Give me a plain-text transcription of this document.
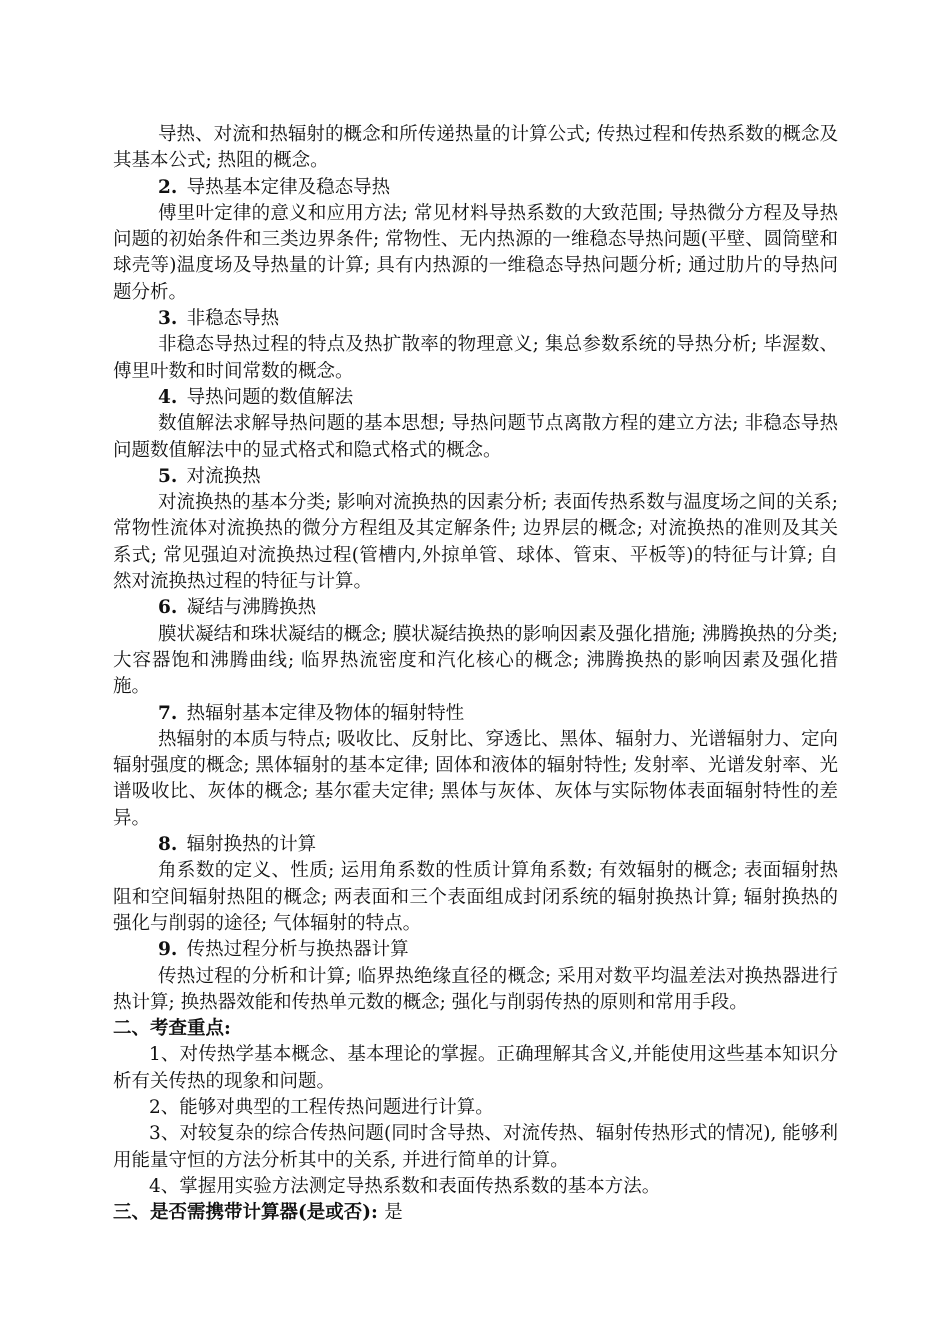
导热、对流和热辐射的概念和所传递热量的计算公式; 传热过程和传热系数的概念及其基本公式; 热阻的概念。

2.  导热基本定律及稳态导热

傅里叶定律的意义和应用方法; 常见材料导热系数的大致范围; 导热微分方程及导热问题的初始条件和三类边界条件; 常物性、无内热源的一维稳态导热问题(平壁、圆筒壁和球壳等)温度场及导热量的计算; 具有内热源的一维稳态导热问题分析; 通过肋片的导热问题分析。

3.  非稳态导热

非稳态导热过程的特点及热扩散率的物理意义; 集总参数系统的导热分析; 毕渥数、傅里叶数和时间常数的概念。

4.  导热问题的数值解法

数值解法求解导热问题的基本思想; 导热问题节点离散方程的建立方法; 非稳态导热问题数值解法中的显式格式和隐式格式的概念。

5.  对流换热

对流换热的基本分类; 影响对流换热的因素分析; 表面传热系数与温度场之间的关系; 常物性流体对流换热的微分方程组及其定解条件; 边界层的概念; 对流换热的准则及其关系式; 常见强迫对流换热过程(管槽内,外掠单管、球体、管束、平板等)的特征与计算; 自然对流换热过程的特征与计算。

6.  凝结与沸腾换热

膜状凝结和珠状凝结的概念; 膜状凝结换热的影响因素及强化措施; 沸腾换热的分类; 大容器饱和沸腾曲线; 临界热流密度和汽化核心的概念; 沸腾换热的影响因素及强化措施。

7.  热辐射基本定律及物体的辐射特性

热辐射的本质与特点; 吸收比、反射比、穿透比、黑体、辐射力、光谱辐射力、定向辐射强度的概念; 黑体辐射的基本定律; 固体和液体的辐射特性; 发射率、光谱发射率、光谱吸收比、灰体的概念; 基尔霍夫定律; 黑体与灰体、灰体与实际物体表面辐射特性的差异。

8.  辐射换热的计算

角系数的定义、性质; 运用角系数的性质计算角系数; 有效辐射的概念; 表面辐射热阻和空间辐射热阻的概念; 两表面和三个表面组成封闭系统的辐射换热计算; 辐射换热的强化与削弱的途径; 气体辐射的特点。

9.  传热过程分析与换热器计算

传热过程的分析和计算; 临界热绝缘直径的概念; 采用对数平均温差法对换热器进行热计算; 换热器效能和传热单元数的概念; 强化与削弱传热的原则和常用手段。

二、考查重点:

1、对传热学基本概念、基本理论的掌握。正确理解其含义,并能使用这些基本知识分析有关传热的现象和问题。

2、能够对典型的工程传热问题进行计算。

3、对较复杂的综合传热问题(同时含导热、对流传热、辐射传热形式的情况), 能够利用能量守恒的方法分析其中的关系, 并进行简单的计算。

4、掌握用实验方法测定导热系数和表面传热系数的基本方法。

三、是否需携带计算器(是或否): 是
